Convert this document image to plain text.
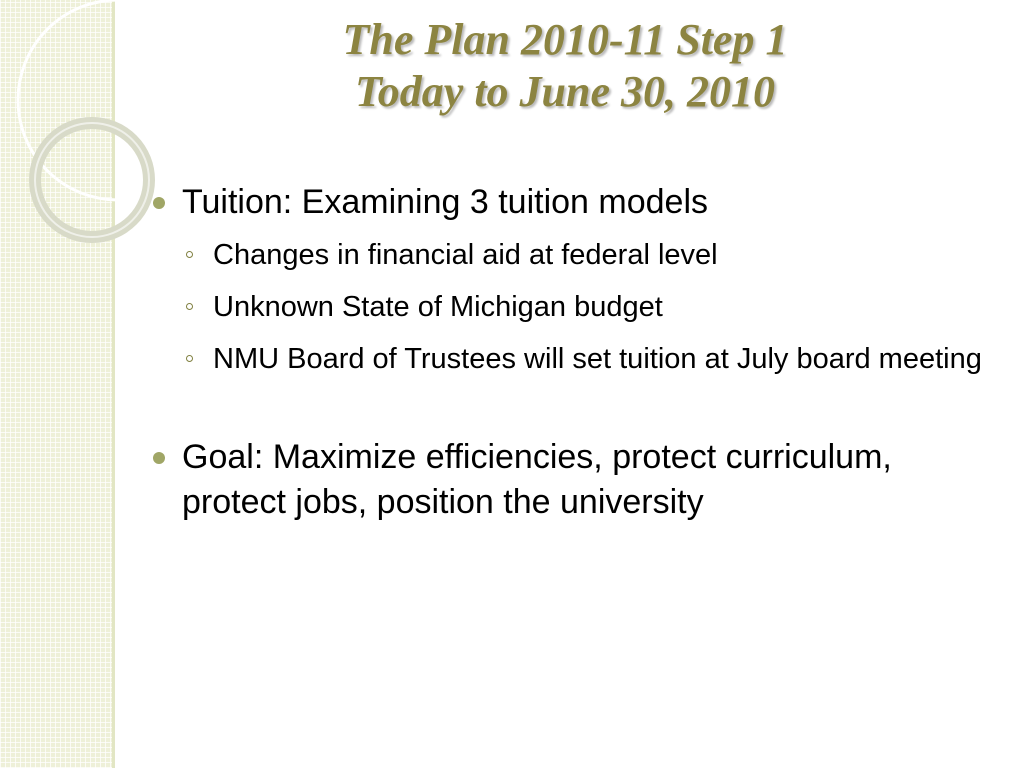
The Plan 2010-11 Step 1
Today to June 30, 2010
Tuition: Examining 3 tuition models
Changes in financial aid at federal level
Unknown State of Michigan budget
NMU Board of Trustees will set tuition at July board meeting
Goal: Maximize efficiencies, protect curriculum, protect jobs, position the university
